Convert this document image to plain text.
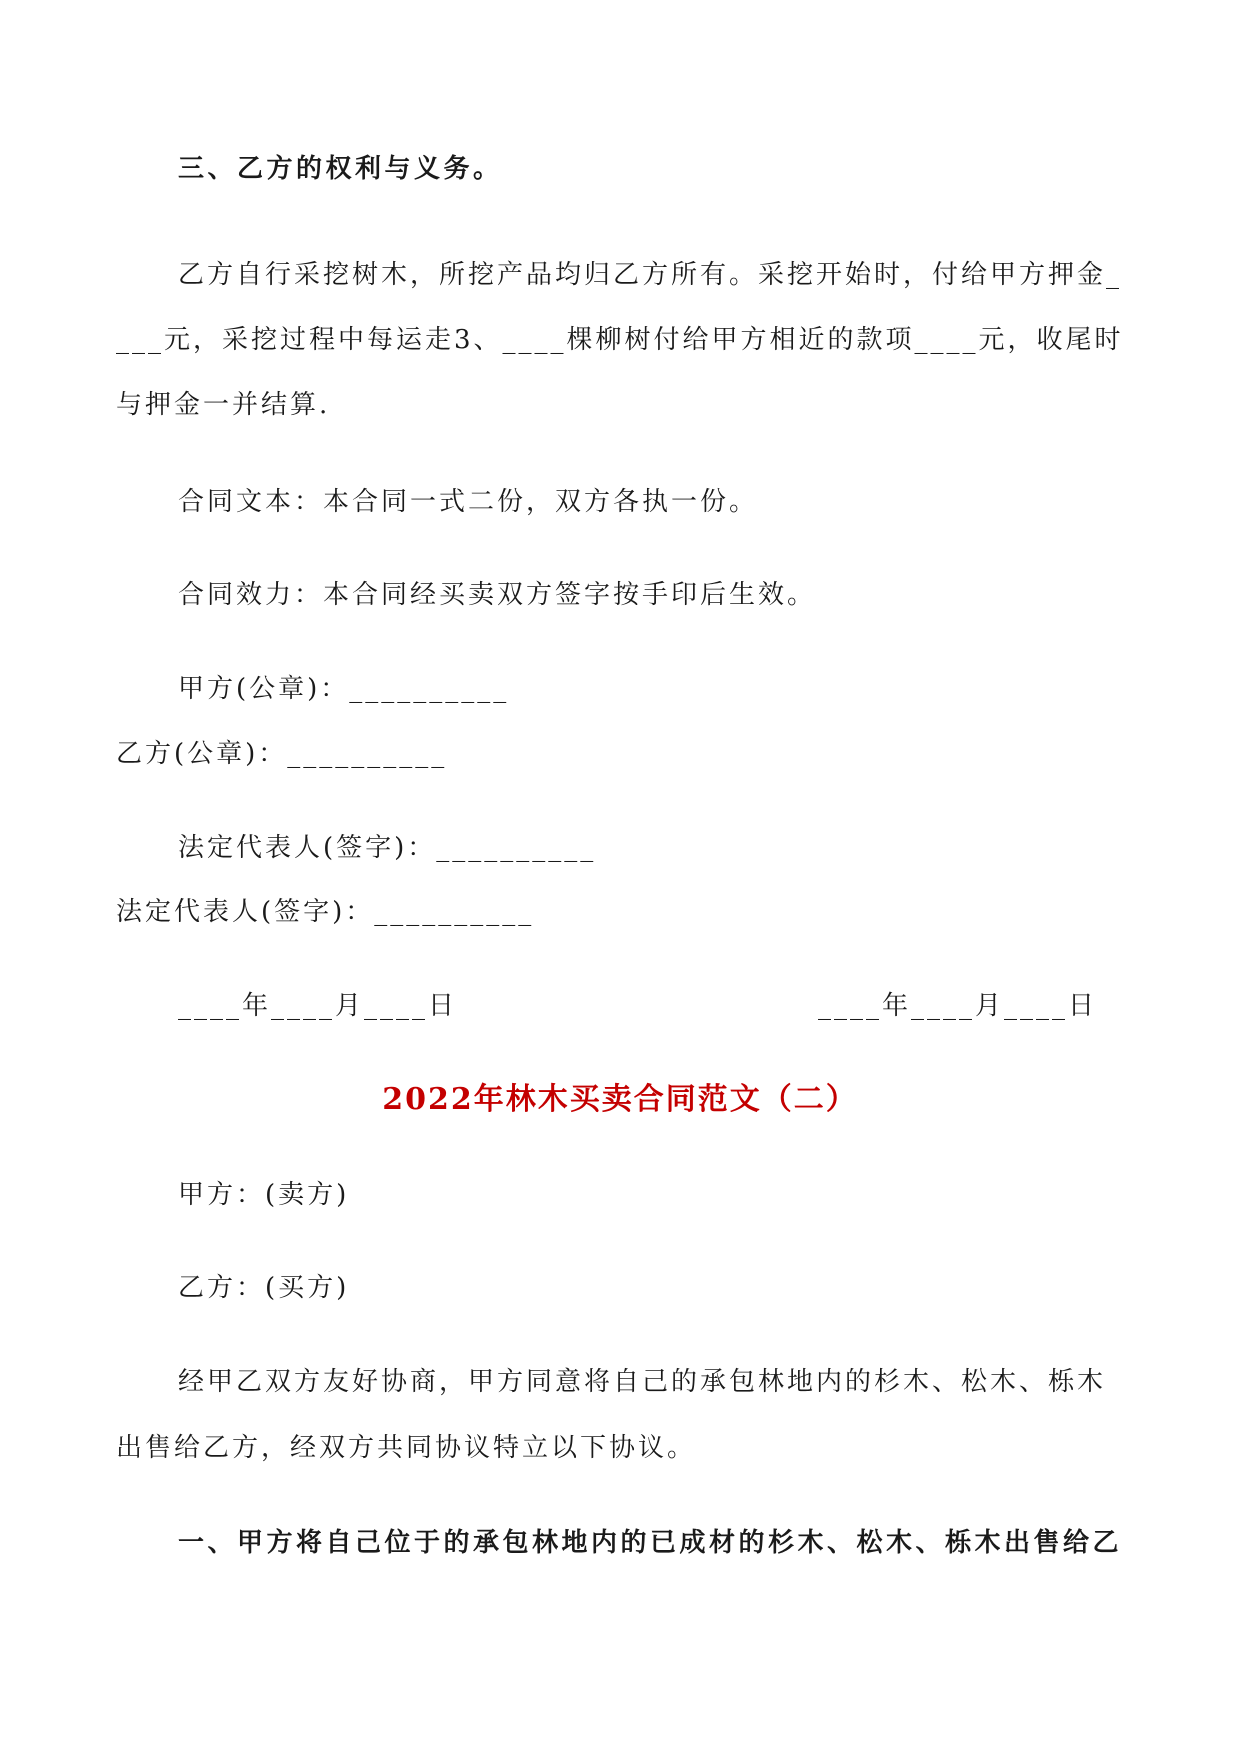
三、乙方的权利与义务。
乙方自行采挖树木，所挖产品均归乙方所有。采挖开始时，付给甲方押金_
___元，采挖过程中每运走3、____棵柳树付给甲方相近的款项____元，收尾时
与押金一并结算.
合同文本：本合同一式二份，双方各执一份。
合同效力：本合同经买卖双方签字按手印后生效。
甲方(公章)：__________
乙方(公章)：__________
法定代表人(签字)：__________
法定代表人(签字)：__________
____年____月____日	____年____月____日
2022年林木买卖合同范文（二）
甲方：(卖方)
乙方：(买方)
经甲乙双方友好协商，甲方同意将自己的承包林地内的杉木、松木、栎木
出售给乙方，经双方共同协议特立以下协议。
一、甲方将自己位于的承包林地内的已成材的杉木、松木、栎木出售给乙
